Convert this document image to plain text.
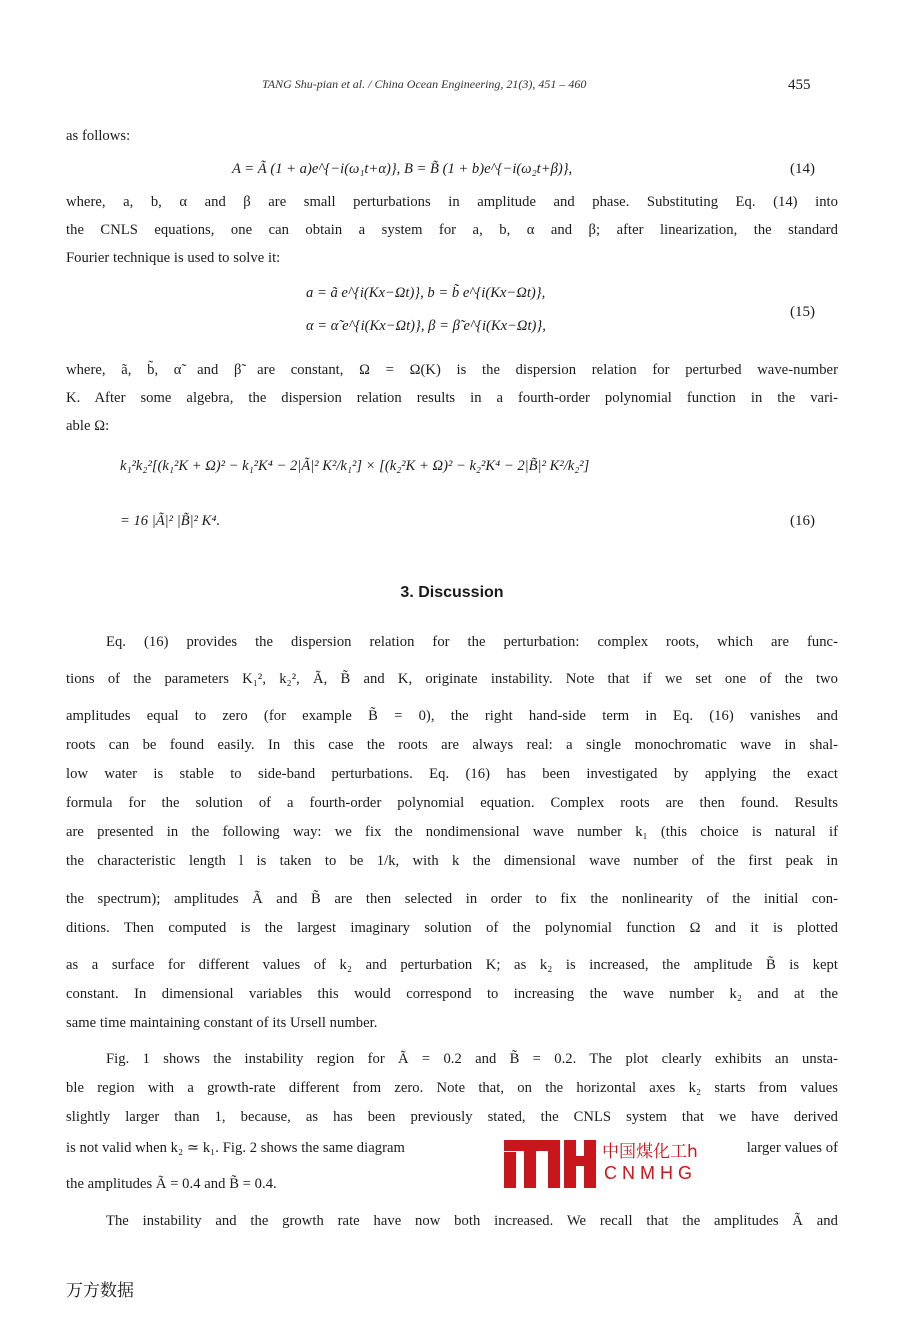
TANG Shu-pian et al. / China Ocean Engineering, 21(3), 451 – 460	455
as follows:
A = Ã (1 + a)e^{−i(ω₁t+α)}, B = B̃ (1 + b)e^{−i(ω₂t+β)},	(14)
where, a, b, α and β are small perturbations in amplitude and phase. Substituting Eq. (14) into
the CNLS equations, one can obtain a system for a, b, α and β; after linearization, the standard
Fourier technique is used to solve it:
a = ã e^{i(Kx−Ωt)}, b = b̃ e^{i(Kx−Ωt)},
α = α̃ e^{i(Kx−Ωt)}, β = β̃ e^{i(Kx−Ωt)},
(15)
where, ã, b̃, α̃ and β̃ are constant, Ω = Ω(K) is the dispersion relation for perturbed wave-number
K. After some algebra, the dispersion relation results in a fourth-order polynomial function in the vari-
able Ω:
k₁²k₂²[(k₁²K + Ω)² − k₁²K⁴ − 2|Ã|² K²/k₁²] × [(k₂²K + Ω)² − k₂²K⁴ − 2|B̃|² K²/k₂²]
= 16 |Ã|² |B̃|² K⁴.	(16)
3. Discussion
Eq. (16) provides the dispersion relation for the perturbation: complex roots, which are func-
tions of the parameters K₁², k₂², Ã, B̃ and K, originate instability. Note that if we set one of the two
amplitudes equal to zero (for example B̃ = 0), the right hand-side term in Eq. (16) vanishes and
roots can be found easily. In this case the roots are always real: a single monochromatic wave in shal-
low water is stable to side-band perturbations. Eq. (16) has been investigated by applying the exact
formula for the solution of a fourth-order polynomial equation. Complex roots are then found. Results
are presented in the following way: we fix the nondimensional wave number k₁ (this choice is natural if
the characteristic length l is taken to be 1/k, with k the dimensional wave number of the first peak in
the spectrum); amplitudes Ã and B̃ are then selected in order to fix the nonlinearity of the initial con-
ditions. Then computed is the largest imaginary solution of the polynomial function Ω and it is plotted
as a surface for different values of k₂ and perturbation K; as k₂ is increased, the amplitude B̃ is kept
constant. In dimensional variables this would correspond to increasing the wave number k₂ and at the
same time maintaining constant of its Ursell number.
Fig. 1 shows the instability region for Ã = 0.2 and B̃ = 0.2. The plot clearly exhibits an unsta-
ble region with a growth-rate different from zero. Note that, on the horizontal axes k₂ starts from values
slightly larger than 1, because, as has been previously stated, the CNLS system that we have derived
is not valid when k₂ ≃ k₁. Fig. 2 shows the same diagram	larger values of
the amplitudes Ã = 0.4 and B̃ = 0.4.
中国煤化工h
CNMHG
The instability and the growth rate have now both increased. We recall that the amplitudes Ã and
万方数据
